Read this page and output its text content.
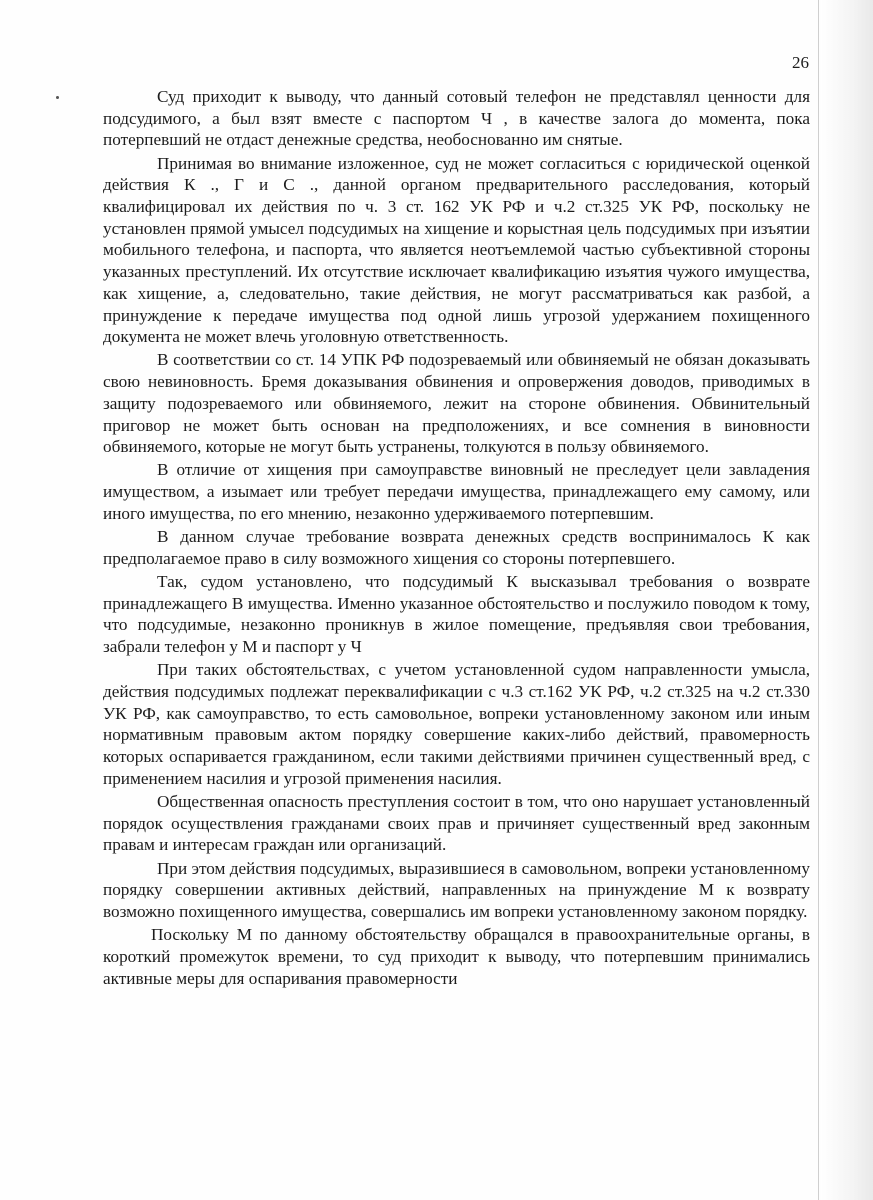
26

Суд приходит к выводу, что данный сотовый телефон не представлял ценности для подсудимого, а был взят вместе с паспортом Ч , в качестве залога до момента, пока потерпевший не отдаст денежные средства, необоснованно им снятые.

Принимая во внимание изложенное, суд не может согласиться с юридической оценкой действия К ., Г и С ., данной органом предварительного расследования, который квалифицировал их действия по ч. 3 ст. 162 УК РФ и ч.2 ст.325 УК РФ, поскольку не установлен прямой умысел подсудимых на хищение и корыстная цель подсудимых при изъятии мобильного телефона, и паспорта, что является неотъемлемой частью субъективной стороны указанных преступлений. Их отсутствие исключает квалификацию изъятия чужого имущества, как хищение, а, следовательно, такие действия, не могут рассматриваться как разбой, а принуждение к передаче имущества под одной лишь угрозой удержанием похищенного документа не может влечь уголовную ответственность.

В соответствии со ст. 14 УПК РФ подозреваемый или обвиняемый не обязан доказывать свою невиновность. Бремя доказывания обвинения и опровержения доводов, приводимых в защиту подозреваемого или обвиняемого, лежит на стороне обвинения. Обвинительный приговор не может быть основан на предположениях, и все сомнения в виновности обвиняемого, которые не могут быть устранены, толкуются в пользу обвиняемого.

В отличие от хищения при самоуправстве виновный не преследует цели завладения имуществом, а изымает или требует передачи имущества, принадлежащего ему самому, или иного имущества, по его мнению, незаконно удерживаемого потерпевшим.

В данном случае требование возврата денежных средств воспринималось К как предполагаемое право в силу возможного хищения со стороны потерпевшего.

Так, судом установлено, что подсудимый К высказывал требования о возврате принадлежащего В имущества. Именно указанное обстоятельство и послужило поводом к тому, что подсудимые, незаконно проникнув в жилое помещение, предъявляя свои требования, забрали телефон у М и паспорт у Ч

При таких обстоятельствах, с учетом установленной судом направленности умысла, действия подсудимых подлежат переквалификации с ч.3 ст.162 УК РФ, ч.2 ст.325 на ч.2 ст.330 УК РФ, как самоуправство, то есть самовольное, вопреки установленному законом или иным нормативным правовым актом порядку совершение каких-либо действий, правомерность которых оспаривается гражданином, если такими действиями причинен существенный вред, с применением насилия и угрозой применения насилия.

Общественная опасность преступления состоит в том, что оно нарушает установленный порядок осуществления гражданами своих прав и причиняет существенный вред законным правам и интересам граждан или организаций.

При этом действия подсудимых, выразившиеся в самовольном, вопреки установленному порядку совершении активных действий, направленных на принуждение М к возврату возможно похищенного имущества, совершались им вопреки установленному законом порядку.

Поскольку М по данному обстоятельству обращался в правоохранительные органы, в короткий промежуток времени, то суд приходит к выводу, что потерпевшим принимались активные меры для оспаривания правомерности
